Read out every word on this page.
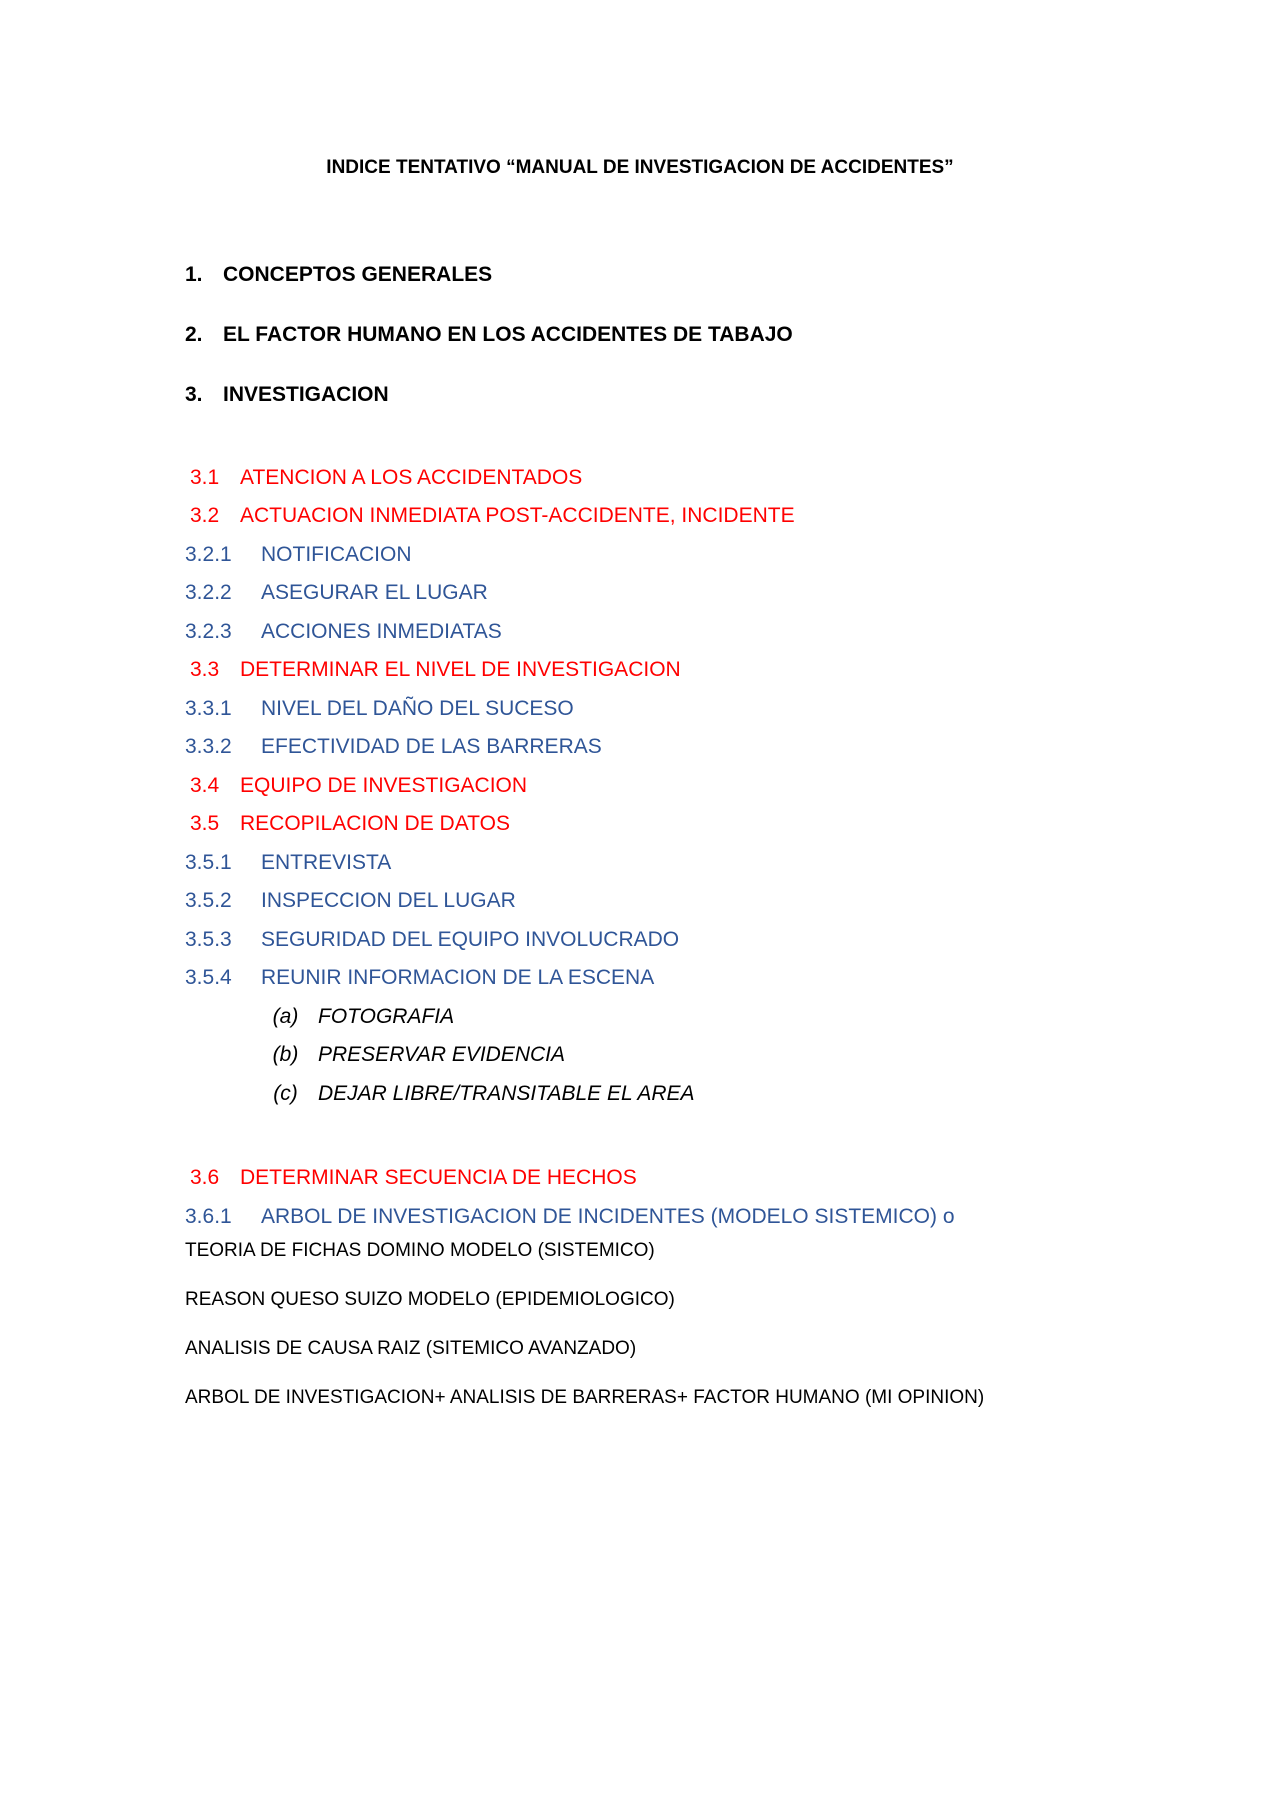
INDICE TENTATIVO “MANUAL DE INVESTIGACION DE ACCIDENTES”
1. CONCEPTOS GENERALES
2. EL FACTOR HUMANO EN LOS ACCIDENTES DE TABAJO
3. INVESTIGACION
3.1 ATENCION A LOS ACCIDENTADOS
3.2 ACTUACION INMEDIATA POST-ACCIDENTE, INCIDENTE
3.2.1 NOTIFICACION
3.2.2 ASEGURAR EL LUGAR
3.2.3 ACCIONES INMEDIATAS
3.3 DETERMINAR EL NIVEL DE INVESTIGACION
3.3.1 NIVEL DEL DAÑO DEL SUCESO
3.3.2 EFECTIVIDAD DE LAS BARRERAS
3.4 EQUIPO DE INVESTIGACION
3.5 RECOPILACION DE DATOS
3.5.1 ENTREVISTA
3.5.2 INSPECCION DEL LUGAR
3.5.3 SEGURIDAD DEL EQUIPO INVOLUCRADO
3.5.4 REUNIR INFORMACION DE LA ESCENA
(a) FOTOGRAFIA
(b) PRESERVAR EVIDENCIA
(c) DEJAR LIBRE/TRANSITABLE EL AREA
3.6 DETERMINAR SECUENCIA DE HECHOS
3.6.1 ARBOL DE INVESTIGACION DE INCIDENTES (MODELO SISTEMICO) o
TEORIA DE FICHAS DOMINO MODELO (SISTEMICO)
REASON QUESO SUIZO MODELO (EPIDEMIOLOGICO)
ANALISIS DE CAUSA RAIZ (SITEMICO AVANZADO)
ARBOL DE INVESTIGACION+ ANALISIS DE BARRERAS+ FACTOR HUMANO (MI OPINION)
